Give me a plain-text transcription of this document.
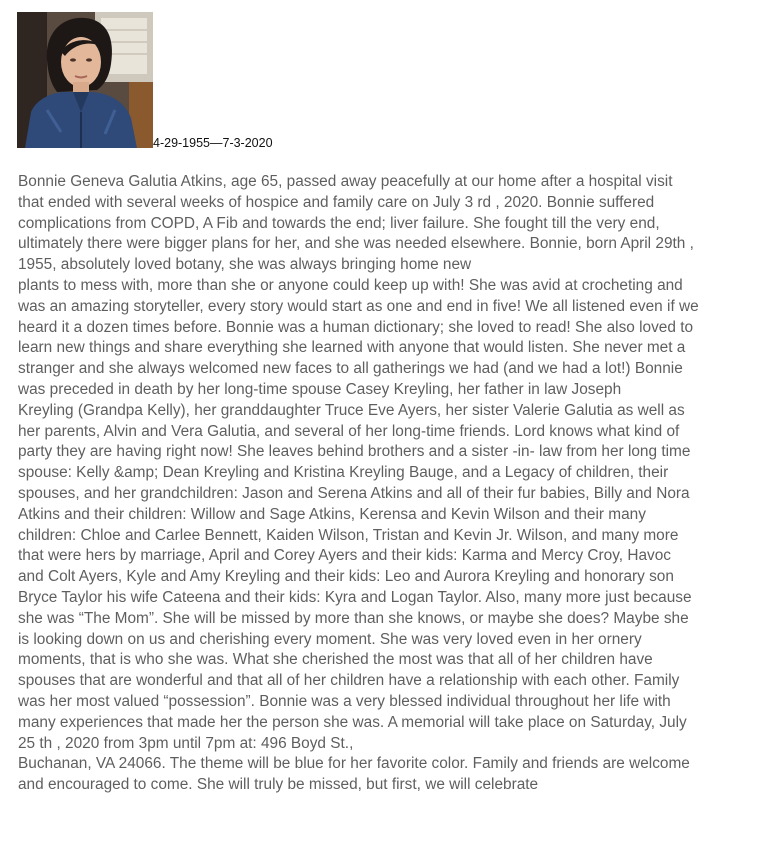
4-29-1955—7-3-2020
Bonnie Geneva Galutia Atkins, age 65, passed away peacefully at our home after a hospital visit
that ended with several weeks of hospice and family care on July 3 rd , 2020. Bonnie suffered
complications from COPD, A Fib and towards the end; liver failure. She fought till the very end,
ultimately there were bigger plans for her, and she was needed elsewhere. Bonnie, born April 29th ,
1955, absolutely loved botany, she was always bringing home new
plants to mess with, more than she or anyone could keep up with! She was avid at crocheting and
was an amazing storyteller, every story would start as one and end in five! We all listened even if we
heard it a dozen times before. Bonnie was a human dictionary; she loved to read! She also loved to
learn new things and share everything she learned with anyone that would listen. She never met a
stranger and she always welcomed new faces to all gatherings we had (and we had a lot!) Bonnie
was preceded in death by her long-time spouse Casey Kreyling, her father in law Joseph
Kreyling (Grandpa Kelly), her granddaughter Truce Eve Ayers, her sister Valerie Galutia as well as
her parents, Alvin and Vera Galutia, and several of her long-time friends. Lord knows what kind of
party they are having right now! She leaves behind brothers and a sister -in- law from her long time
spouse: Kelly &amp; Dean Kreyling and Kristina Kreyling Bauge, and a Legacy of children, their
spouses, and her grandchildren: Jason and Serena Atkins and all of their fur babies, Billy and Nora
Atkins and their children: Willow and Sage Atkins, Kerensa and Kevin Wilson and their many
children: Chloe and Carlee Bennett, Kaiden Wilson, Tristan and Kevin Jr. Wilson, and many more
that were hers by marriage, April and Corey Ayers and their kids: Karma and Mercy Croy, Havoc
and Colt Ayers, Kyle and Amy Kreyling and their kids: Leo and Aurora Kreyling and honorary son
Bryce Taylor his wife Cateena and their kids: Kyra and Logan Taylor. Also, many more just because
she was “The Mom”. She will be missed by more than she knows, or maybe she does? Maybe she
is looking down on us and cherishing every moment. She was very loved even in her ornery
moments, that is who she was. What she cherished the most was that all of her children have
spouses that are wonderful and that all of her children have a relationship with each other. Family
was her most valued “possession”. Bonnie was a very blessed individual throughout her life with
many experiences that made her the person she was. A memorial will take place on Saturday, July
25 th , 2020 from 3pm until 7pm at: 496 Boyd St.,
Buchanan, VA 24066. The theme will be blue for her favorite color. Family and friends are welcome
and encouraged to come. She will truly be missed, but first, we will celebrate
